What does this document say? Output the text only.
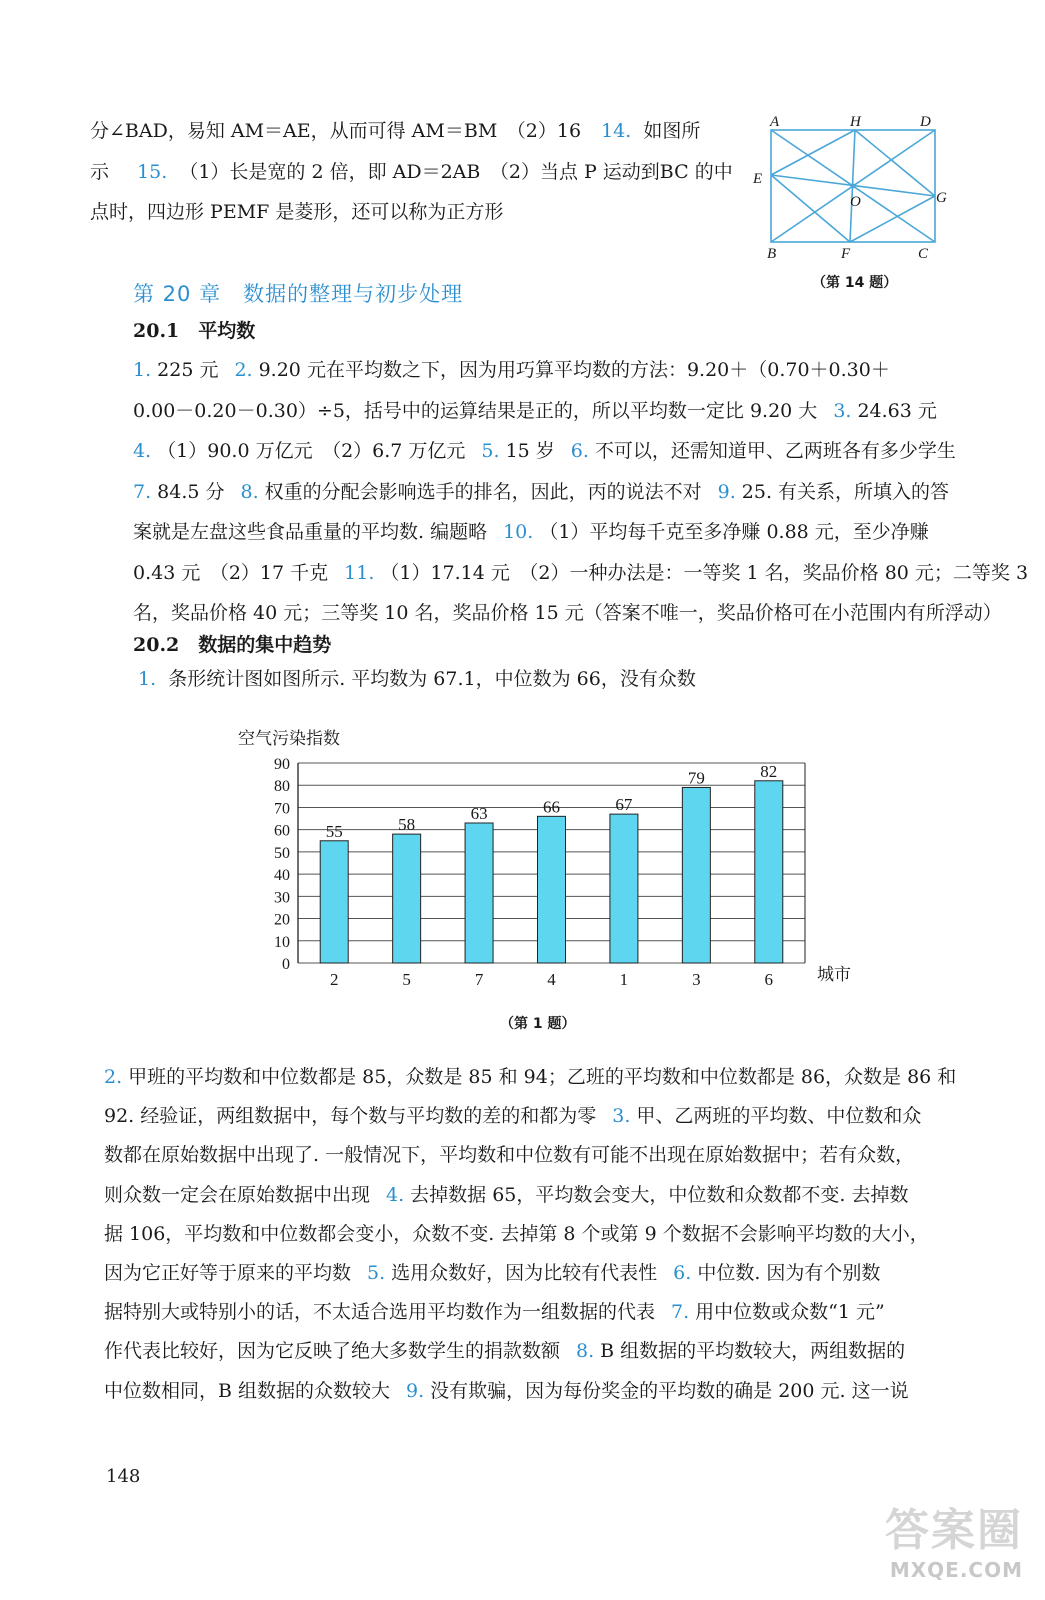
分∠BAD，易知 AM＝AE，从而可得 AM＝BM　（2）16 14. 如图所
示 15. （1）长是宽的 2 倍，即 AD＝2AB　（2）当点 P 运动到BC 的中
点时，四边形 PEMF 是菱形，还可以称为正方形
A	H	D
E
O	G
B	F	C
（第 14 题）
第 20 章 数据的整理与初步处理
20.1　平均数
1. 225 元 2. 9.20 元在平均数之下，因为用巧算平均数的方法：9.20＋（0.70＋0.30＋
0.00－0.20－0.30）÷5，括号中的运算结果是正的，所以平均数一定比 9.20 大 3. 24.63 元
4. （1）90.0 万亿元　（2）6.7 万亿元 5. 15 岁 6. 不可以，还需知道甲、乙两班各有多少学生
7. 84.5 分 8. 权重的分配会影响选手的排名，因此，丙的说法不对 9. 25. 有关系，所填入的答
案就是左盘这些食品重量的平均数. 编题略 10. （1）平均每千克至多净赚 0.88 元，至少净赚
0.43 元　（2）17 千克 11. （1）17.14 元　（2）一种办法是：一等奖 1 名，奖品价格 80 元；二等奖 3
名，奖品价格 40 元；三等奖 10 名，奖品价格 15 元（答案不唯一，奖品价格可在小范围内有所浮动）
20.2　数据的集中趋势
1. 条形统计图如图所示. 平均数为 67.1，中位数为 66，没有众数
空气污染指数
0
10
20
30
40
50
60
70
80
90
55
2
58
5
63
7
66
4
67
1
79
3
82
6	城市
（第 1 题）
2. 甲班的平均数和中位数都是 85，众数是 85 和 94；乙班的平均数和中位数都是 86，众数是 86 和
92. 经验证，两组数据中，每个数与平均数的差的和都为零 3. 甲、乙两班的平均数、中位数和众
数都在原始数据中出现了. 一般情况下，平均数和中位数有可能不出现在原始数据中；若有众数，
则众数一定会在原始数据中出现 4. 去掉数据 65，平均数会变大，中位数和众数都不变. 去掉数
据 106，平均数和中位数都会变小，众数不变. 去掉第 8 个或第 9 个数据不会影响平均数的大小，
因为它正好等于原来的平均数 5. 选用众数好，因为比较有代表性 6. 中位数. 因为有个别数
据特别大或特别小的话，不太适合选用平均数作为一组数据的代表 7. 用中位数或众数“1 元”
作代表比较好，因为它反映了绝大多数学生的捐款数额 8. B 组数据的平均数较大，两组数据的
中位数相同，B 组数据的众数较大 9. 没有欺骗，因为每份奖金的平均数的确是 200 元. 这一说
148
答案圈
MXQE.COM
